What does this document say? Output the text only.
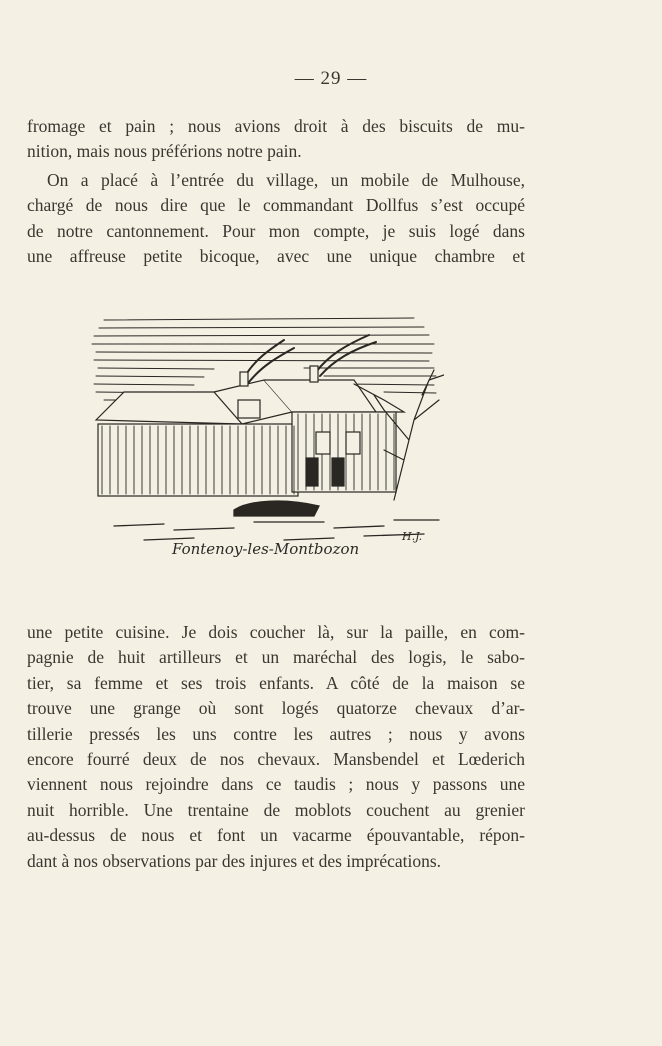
— 29 —
fromage et pain ; nous avions droit à des biscuits de mu-
nition, mais nous préférions notre pain.
On a placé à l’entrée du village, un mobile de Mulhouse,
chargé de nous dire que le commandant Dollfus s’est occupé
de notre cantonnement. Pour mon compte, je suis logé dans
une affreuse petite bicoque, avec une unique chambre et
Fontenoy-les-Montbozon
H.J.
une petite cuisine. Je dois coucher là, sur la paille, en com-
pagnie de huit artilleurs et un maréchal des logis, le sabo-
tier, sa femme et ses trois enfants. A côté de la maison se
trouve une grange où sont logés quatorze chevaux d’ar-
tillerie pressés les uns contre les autres ; nous y avons
encore fourré deux de nos chevaux. Mansbendel et Lœderich
viennent nous rejoindre dans ce taudis ; nous y passons une
nuit horrible. Une trentaine de moblots couchent au grenier
au-dessus de nous et font un vacarme épouvantable, répon-
dant à nos observations par des injures et des imprécations.
